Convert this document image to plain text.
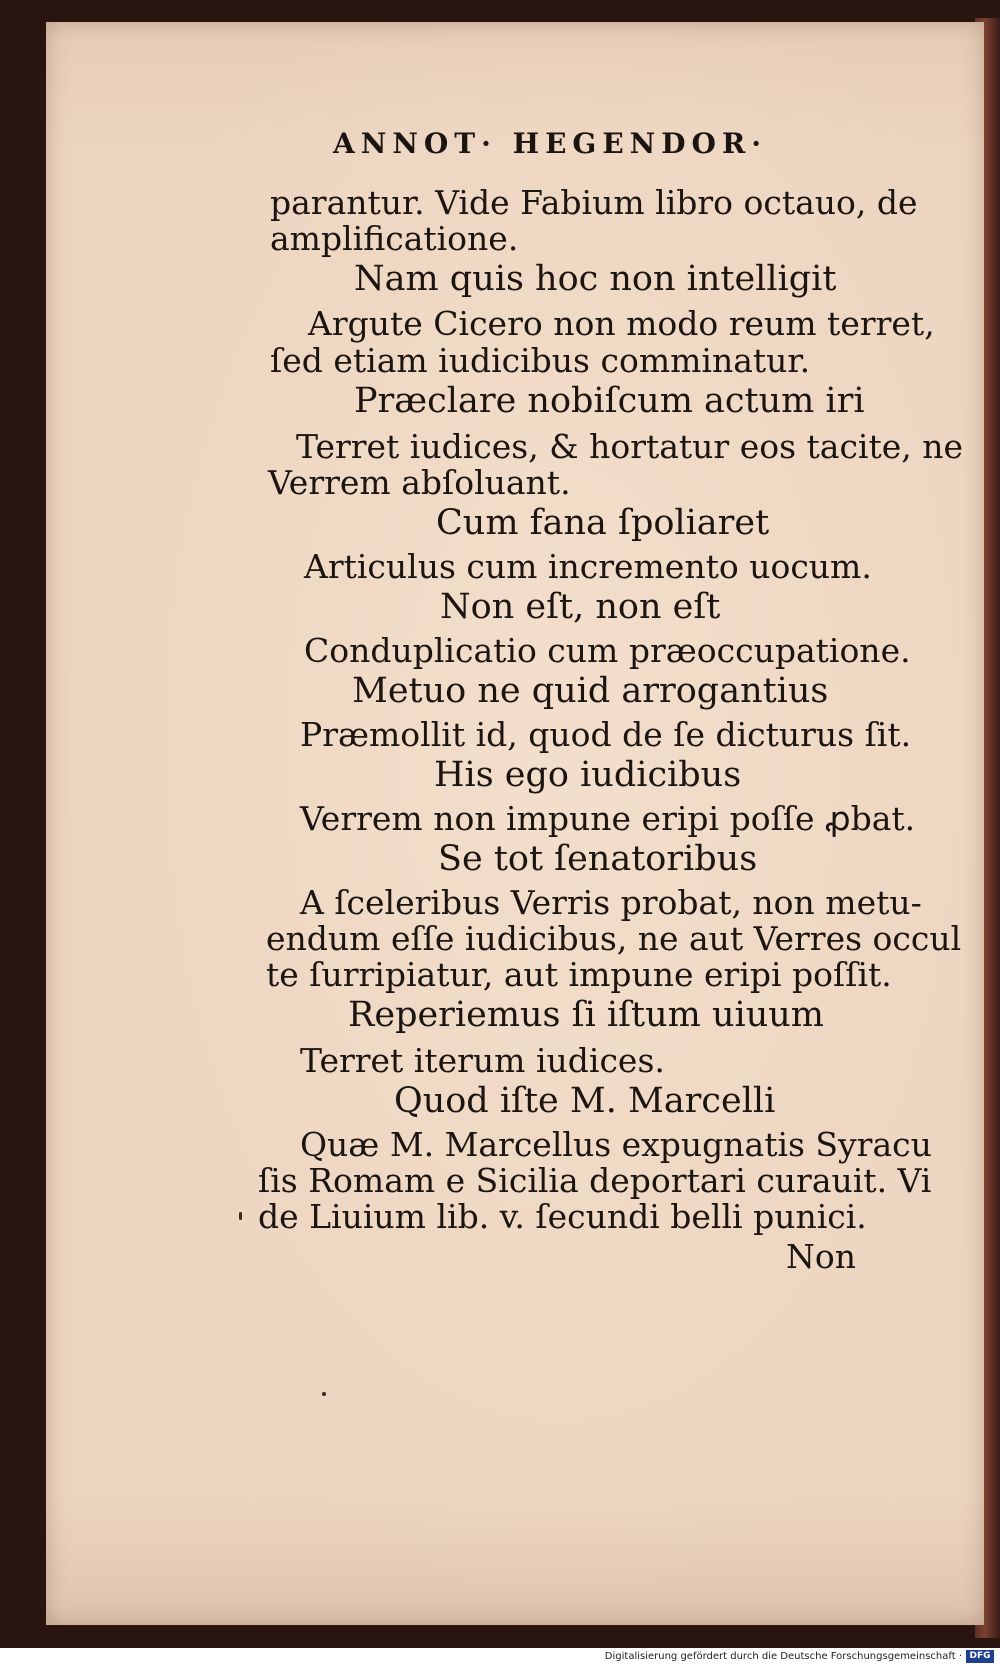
ANNOT· HEGENDOR·
parantur. Vide Fabium libro octauo, de
amplificatione.
Nam quis hoc non intelligit
Argute Cicero non modo reum terret,
ſed etiam iudicibus comminatur.
Præclare nobiſcum actum iri
Terret iudices, & hortatur eos tacite, ne
Verrem abſoluant.
Cum fana ſpoliaret
Articulus cum incremento uocum.
Non eſt, non eſt
Conduplicatio cum præoccupatione.
Metuo ne quid arrogantius
Præmollit id, quod de ſe dicturus ſit.
His ego iudicibus
Verrem non impune eripi poſſe ꝓbat.
Se tot ſenatoribus
A ſceleribus Verris probat, non metu-
endum eſſe iudicibus, ne aut Verres occul
te ſurripiatur, aut impune eripi poſſit.
Reperiemus ſi iſtum uiuum
Terret iterum iudices.
Quod iſte M. Marcelli
Quæ M. Marcellus expugnatis Syracu
ſis Romam e Sicilia deportari curauit. Vi
de Liuium lib. v. ſecundi belli punici.
Non
Digitalisierung gefördert durch die Deutsche Forschungsgemeinschaft · DFG
